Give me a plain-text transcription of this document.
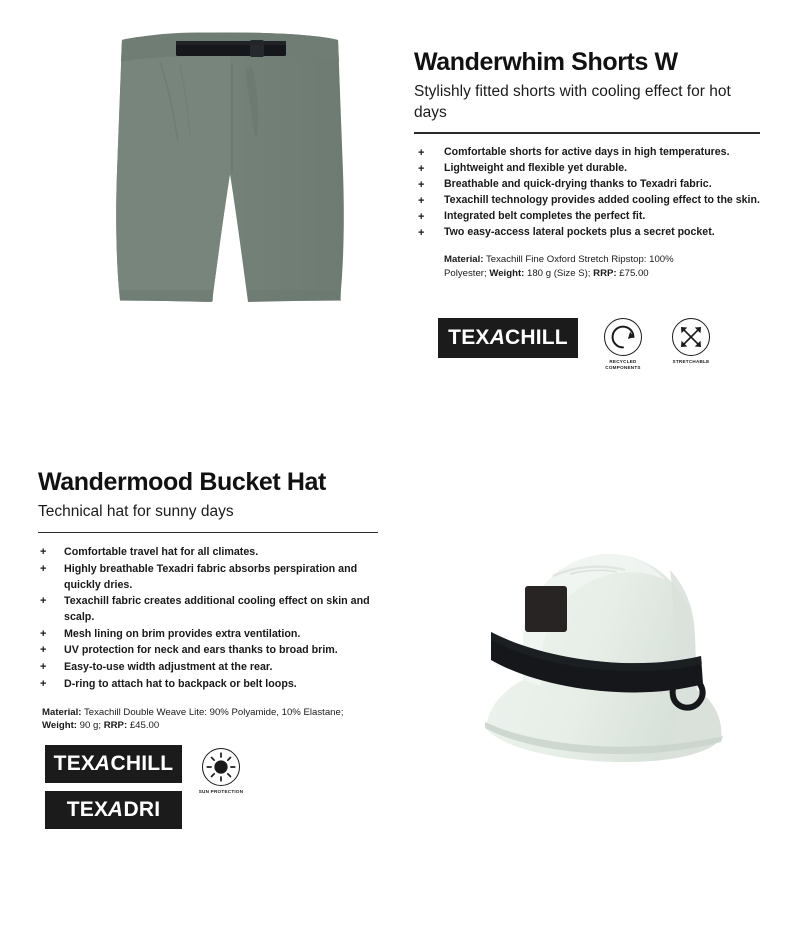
Wanderwhim Shorts W
Stylishly fitted shorts with cooling effect for hot days
+ Comfortable shorts for active days in high temperatures.
+ Lightweight and flexible yet durable.
+ Breathable and quick-drying thanks to Texadri fabric.
+ Texachill technology provides added cooling effect to the skin.
+ Integrated belt completes the perfect fit.
+ Two easy-access lateral pockets plus a secret pocket.
Material: Texachill Fine Oxford Stretch Ripstop: 100% Polyester; Weight: 180 g (Size S); RRP: £75.00
TEX
A
CHILL
RECYCLED COMPONENTS
STRETCHABLE
Wandermood Bucket Hat
Technical hat for sunny days
+ Comfortable travel hat for all climates.
+ Highly breathable Texadri fabric absorbs perspiration and quickly dries.
+ Texachill fabric creates additional cooling effect on skin and scalp.
+ Mesh lining on brim provides extra ventilation.
+ UV protection for neck and ears thanks to broad brim.
+ Easy-to-use width adjustment at the rear.
+ D-ring to attach hat to backpack or belt loops.
Material: Texachill Double Weave Lite: 90% Polyamide, 10% Elastane; Weight: 90 g; RRP: £45.00
TEX
A
CHILL
TEX
A
DRI
SUN PROTECTION
